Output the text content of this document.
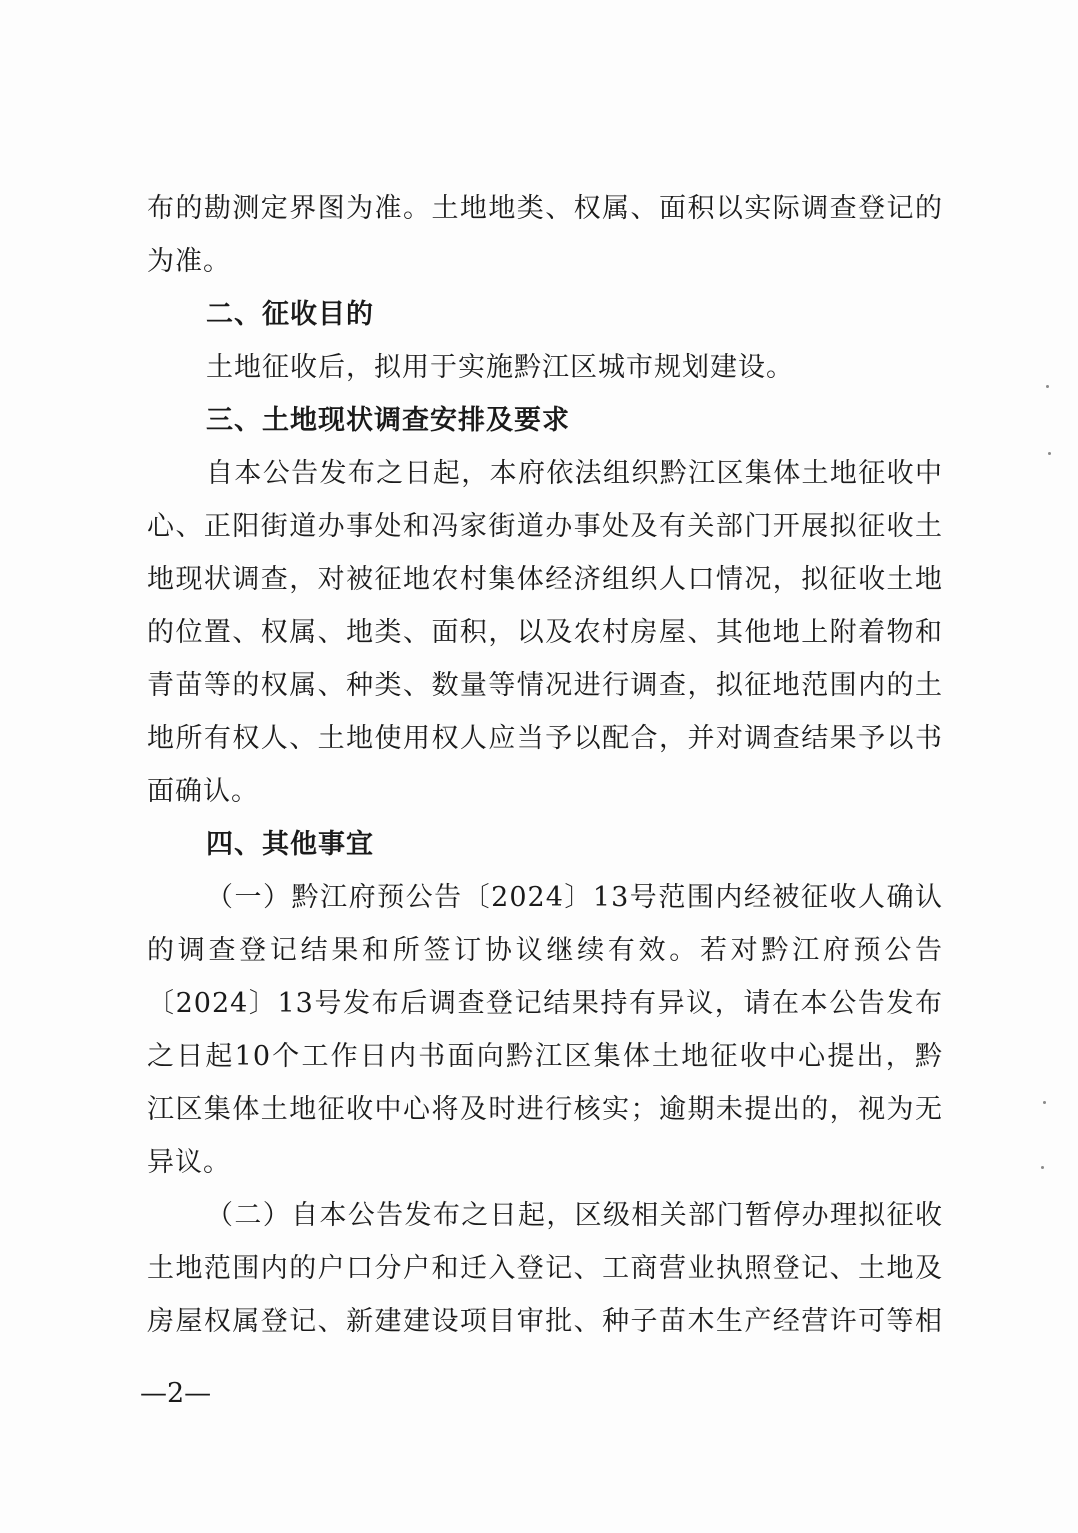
布的勘测定界图为准。土地地类、权属、面积以实际调查登记的

为准。

二、征收目的

土地征收后，拟用于实施黔江区城市规划建设。

三、土地现状调查安排及要求

自本公告发布之日起，本府依法组织黔江区集体土地征收中

心、正阳街道办事处和冯家街道办事处及有关部门开展拟征收土

地现状调查，对被征地农村集体经济组织人口情况，拟征收土地

的位置、权属、地类、面积，以及农村房屋、其他地上附着物和

青苗等的权属、种类、数量等情况进行调查，拟征地范围内的土

地所有权人、土地使用权人应当予以配合，并对调查结果予以书

面确认。

四、其他事宜

（一）黔江府预公告〔2024〕13号范围内经被征收人确认

的调查登记结果和所签订协议继续有效。若对黔江府预公告

〔2024〕13号发布后调查登记结果持有异议，请在本公告发布

之日起10个工作日内书面向黔江区集体土地征收中心提出，黔

江区集体土地征收中心将及时进行核实；逾期未提出的，视为无

异议。

（二）自本公告发布之日起，区级相关部门暂停办理拟征收

土地范围内的户口分户和迁入登记、工商营业执照登记、土地及

房屋权属登记、新建建设项目审批、种子苗木生产经营许可等相

—2—
